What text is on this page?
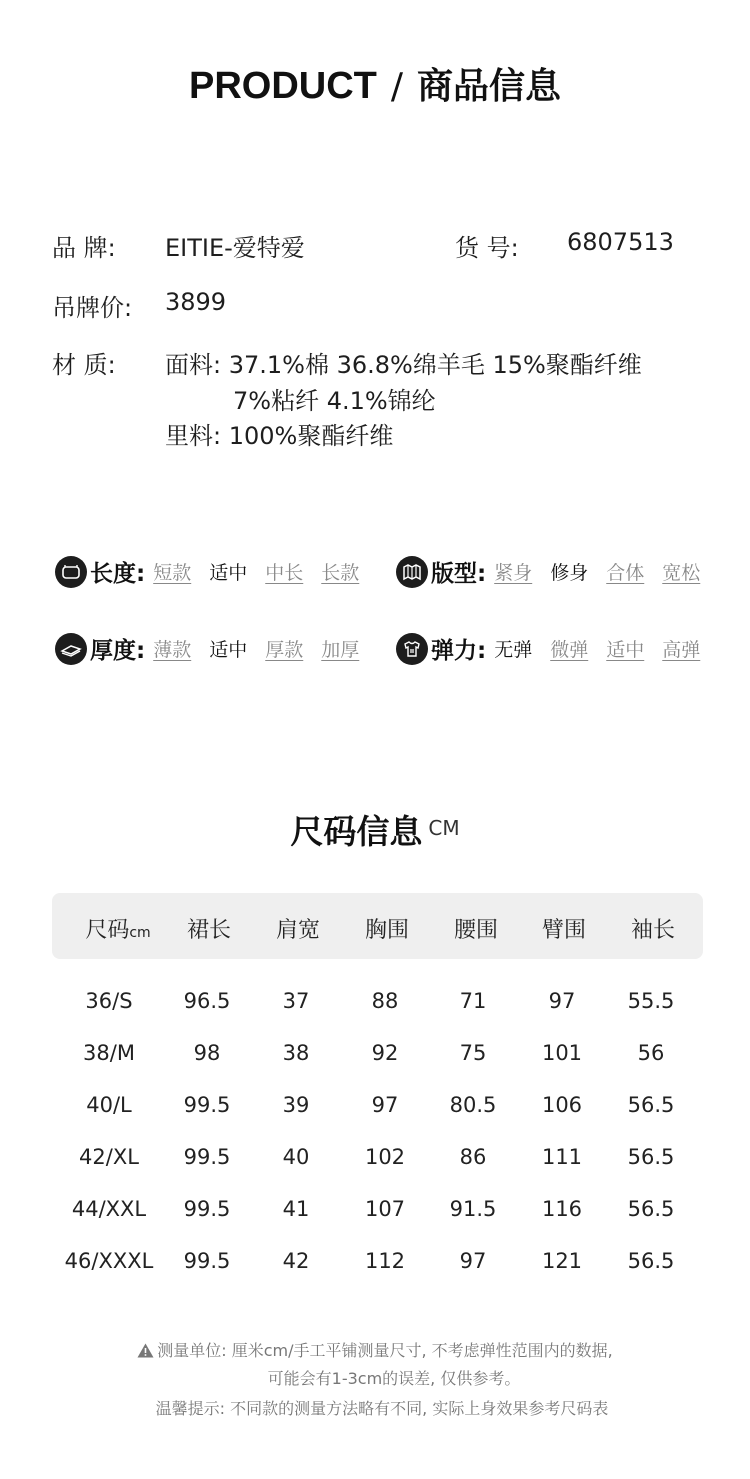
PRODUCT / 商品信息
品 牌: EITIE-爱特爱	货 号: 6807513
吊牌价: 3899
材 质: 面料: 37.1%棉 36.8%绵羊毛 15%聚酯纤维
7%粘纤 4.1%锦纶
里料: 100%聚酯纤维
长度: 短款 适中 中长 长款	版型: 紧身 修身 合体 宽松
厚度: 薄款 适中 厚款 加厚	弹力: 无弹 微弹 适中 高弹
尺码信息 $^{CM}$
尺码cm	裙长	肩宽	胸围	腰围	臂围	袖长
36/S	96.5	37	88	71	97	55.5
38/M	98	38	92	75	101	56
40/L	99.5	39	97	80.5	106	56.5
42/XL	99.5	40	102	86	111	56.5
44/XXL	99.5	41	107	91.5	116	56.5
46/XXXL	99.5	42	112	97	121	56.5
测量单位: 厘米cm/手工平铺测量尺寸, 不考虑弹性范围内的数据,
可能会有1-3cm的误差, 仅供参考。
温馨提示: 不同款的测量方法略有不同, 实际上身效果参考尺码表
